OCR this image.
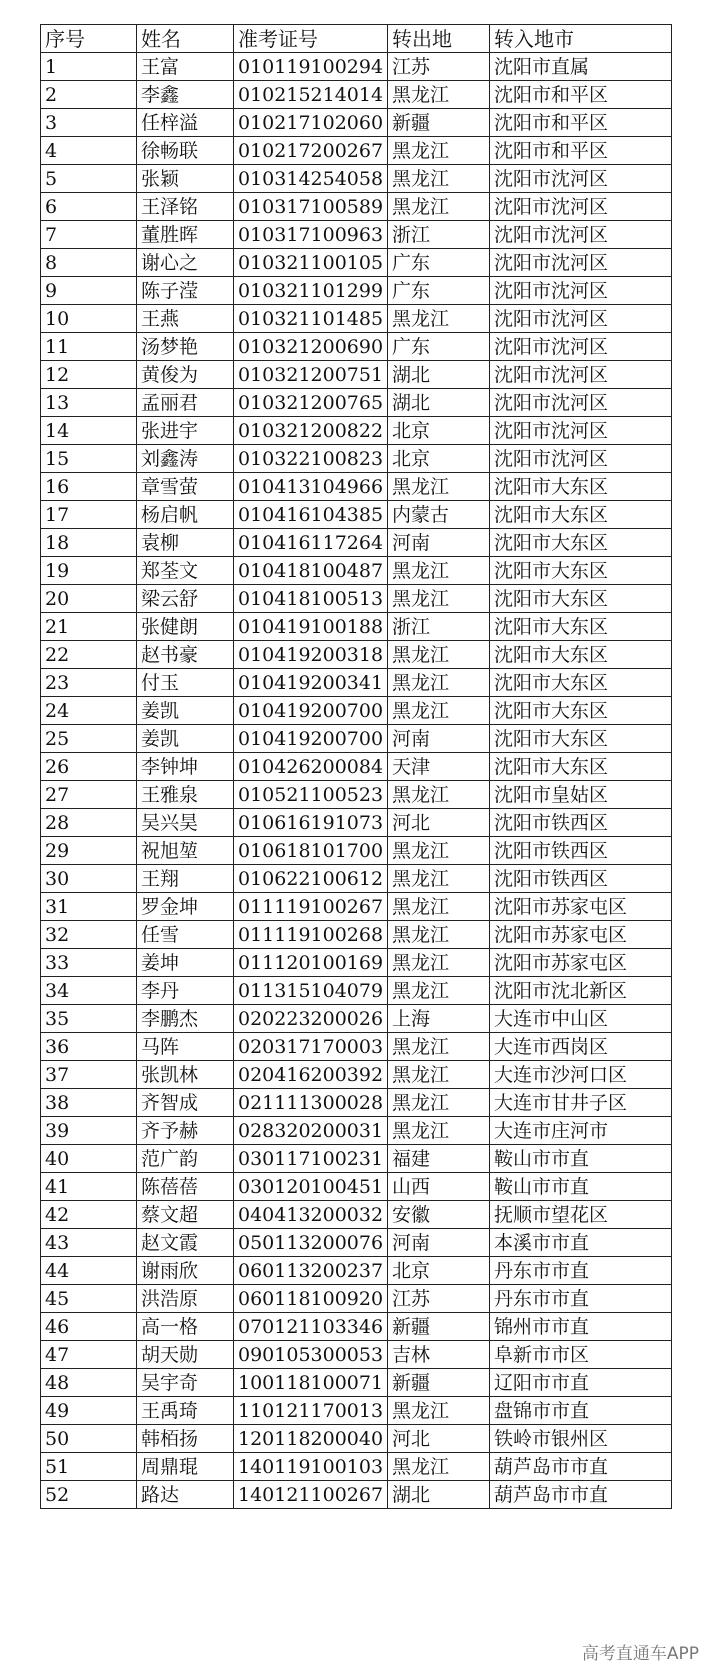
序号	姓名	准考证号	转出地	转入地市
1	王富	010119100294	江苏	沈阳市直属
2	李鑫	010215214014	黑龙江	沈阳市和平区
3	任梓溢	010217102060	新疆	沈阳市和平区
4	徐畅联	010217200267	黑龙江	沈阳市和平区
5	张颖	010314254058	黑龙江	沈阳市沈河区
6	王泽铭	010317100589	黑龙江	沈阳市沈河区
7	董胜晖	010317100963	浙江	沈阳市沈河区
8	谢心之	010321100105	广东	沈阳市沈河区
9	陈子滢	010321101299	广东	沈阳市沈河区
10	王燕	010321101485	黑龙江	沈阳市沈河区
11	汤梦艳	010321200690	广东	沈阳市沈河区
12	黄俊为	010321200751	湖北	沈阳市沈河区
13	孟丽君	010321200765	湖北	沈阳市沈河区
14	张进宇	010321200822	北京	沈阳市沈河区
15	刘鑫涛	010322100823	北京	沈阳市沈河区
16	章雪萤	010413104966	黑龙江	沈阳市大东区
17	杨启帆	010416104385	内蒙古	沈阳市大东区
18	袁柳	010416117264	河南	沈阳市大东区
19	郑荃文	010418100487	黑龙江	沈阳市大东区
20	梁云舒	010418100513	黑龙江	沈阳市大东区
21	张健朗	010419100188	浙江	沈阳市大东区
22	赵书豪	010419200318	黑龙江	沈阳市大东区
23	付玉	010419200341	黑龙江	沈阳市大东区
24	姜凯	010419200700	黑龙江	沈阳市大东区
25	姜凯	010419200700	河南	沈阳市大东区
26	李钟坤	010426200084	天津	沈阳市大东区
27	王雅泉	010521100523	黑龙江	沈阳市皇姑区
28	吴兴昊	010616191073	河北	沈阳市铁西区
29	祝旭堃	010618101700	黑龙江	沈阳市铁西区
30	王翔	010622100612	黑龙江	沈阳市铁西区
31	罗金坤	011119100267	黑龙江	沈阳市苏家屯区
32	任雪	011119100268	黑龙江	沈阳市苏家屯区
33	姜坤	011120100169	黑龙江	沈阳市苏家屯区
34	李丹	011315104079	黑龙江	沈阳市沈北新区
35	李鹏杰	020223200026	上海	大连市中山区
36	马阵	020317170003	黑龙江	大连市西岗区
37	张凯林	020416200392	黑龙江	大连市沙河口区
38	齐智成	021111300028	黑龙江	大连市甘井子区
39	齐予赫	028320200031	黑龙江	大连市庄河市
40	范广韵	030117100231	福建	鞍山市市直
41	陈蓓蓓	030120100451	山西	鞍山市市直
42	蔡文超	040413200032	安徽	抚顺市望花区
43	赵文霞	050113200076	河南	本溪市市直
44	谢雨欣	060113200237	北京	丹东市市直
45	洪浩原	060118100920	江苏	丹东市市直
46	高一格	070121103346	新疆	锦州市市直
47	胡天勋	090105300053	吉林	阜新市市区
48	吴宇奇	100118100071	新疆	辽阳市市直
49	王禹琦	110121170013	黑龙江	盘锦市市直
50	韩栢扬	120118200040	河北	铁岭市银州区
51	周鼎琨	140119100103	黑龙江	葫芦岛市市直
52	路达	140121100267	湖北	葫芦岛市市直
高考直通车APP
